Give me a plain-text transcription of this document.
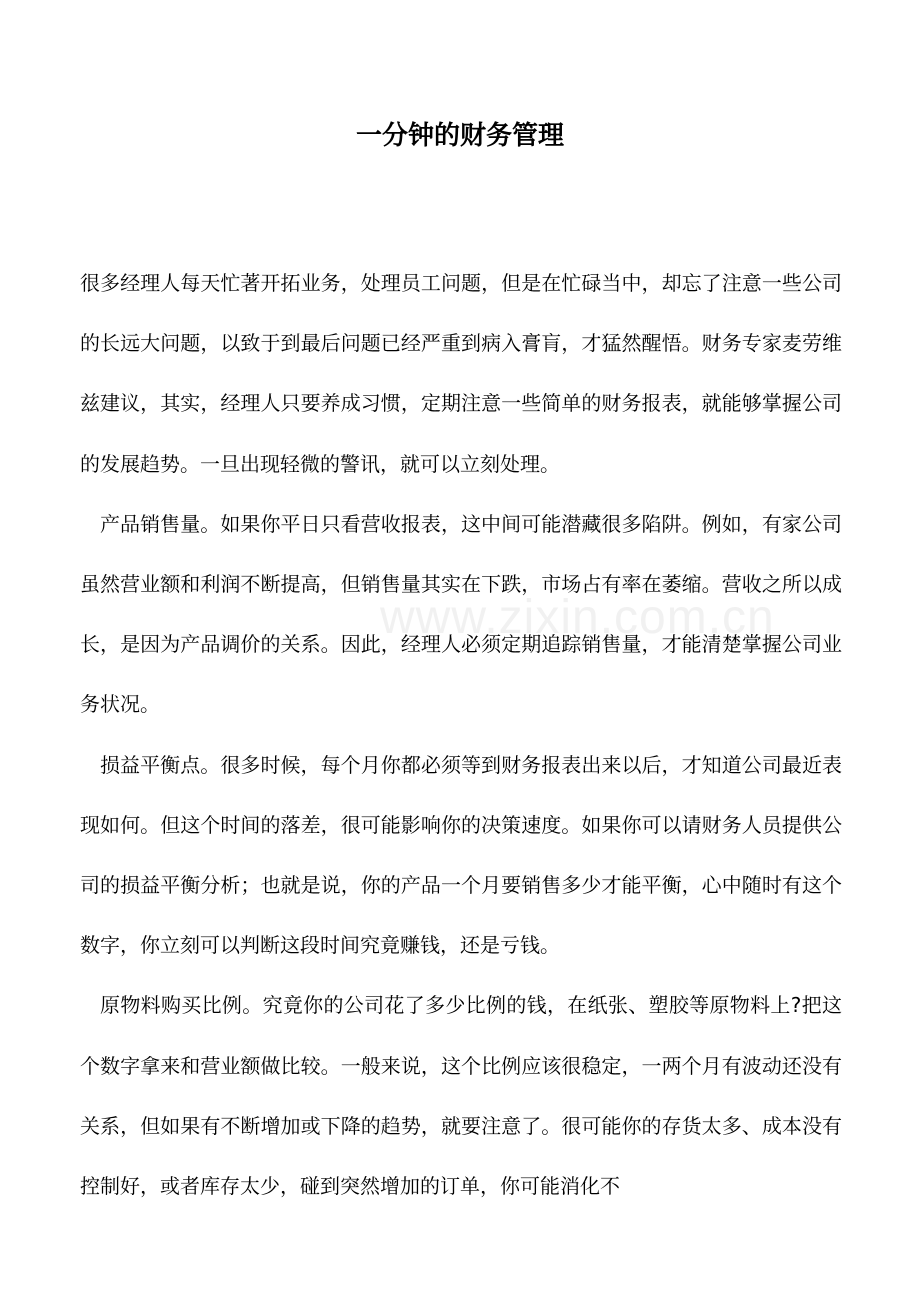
www.zixin.com.cn
一分钟的财务管理

很多经理人每天忙著开拓业务，处理员工问题，但是在忙碌当中，却忘了注意一些公司的长远大问题，以致于到最后问题已经严重到病入膏肓，才猛然醒悟。财务专家麦劳维兹建议，其实，经理人只要养成习惯，定期注意一些简单的财务报表，就能够掌握公司的发展趋势。一旦出现轻微的警讯，就可以立刻处理。

产品销售量。如果你平日只看营收报表，这中间可能潜藏很多陷阱。例如，有家公司虽然营业额和利润不断提高，但销售量其实在下跌，市场占有率在萎缩。营收之所以成长，是因为产品调价的关系。因此，经理人必须定期追踪销售量，才能清楚掌握公司业务状况。

损益平衡点。很多时候，每个月你都必须等到财务报表出来以后，才知道公司最近表现如何。但这个时间的落差，很可能影响你的决策速度。如果你可以请财务人员提供公司的损益平衡分析；也就是说，你的产品一个月要销售多少才能平衡，心中随时有这个数字，你立刻可以判断这段时间究竟赚钱，还是亏钱。

原物料购买比例。究竟你的公司花了多少比例的钱，在纸张、塑胶等原物料上?把这个数字拿来和营业额做比较。一般来说，这个比例应该很稳定，一两个月有波动还没有关系，但如果有不断增加或下降的趋势，就要注意了。很可能你的存货太多、成本没有控制好，或者库存太少，碰到突然增加的订单，你可能消化不
